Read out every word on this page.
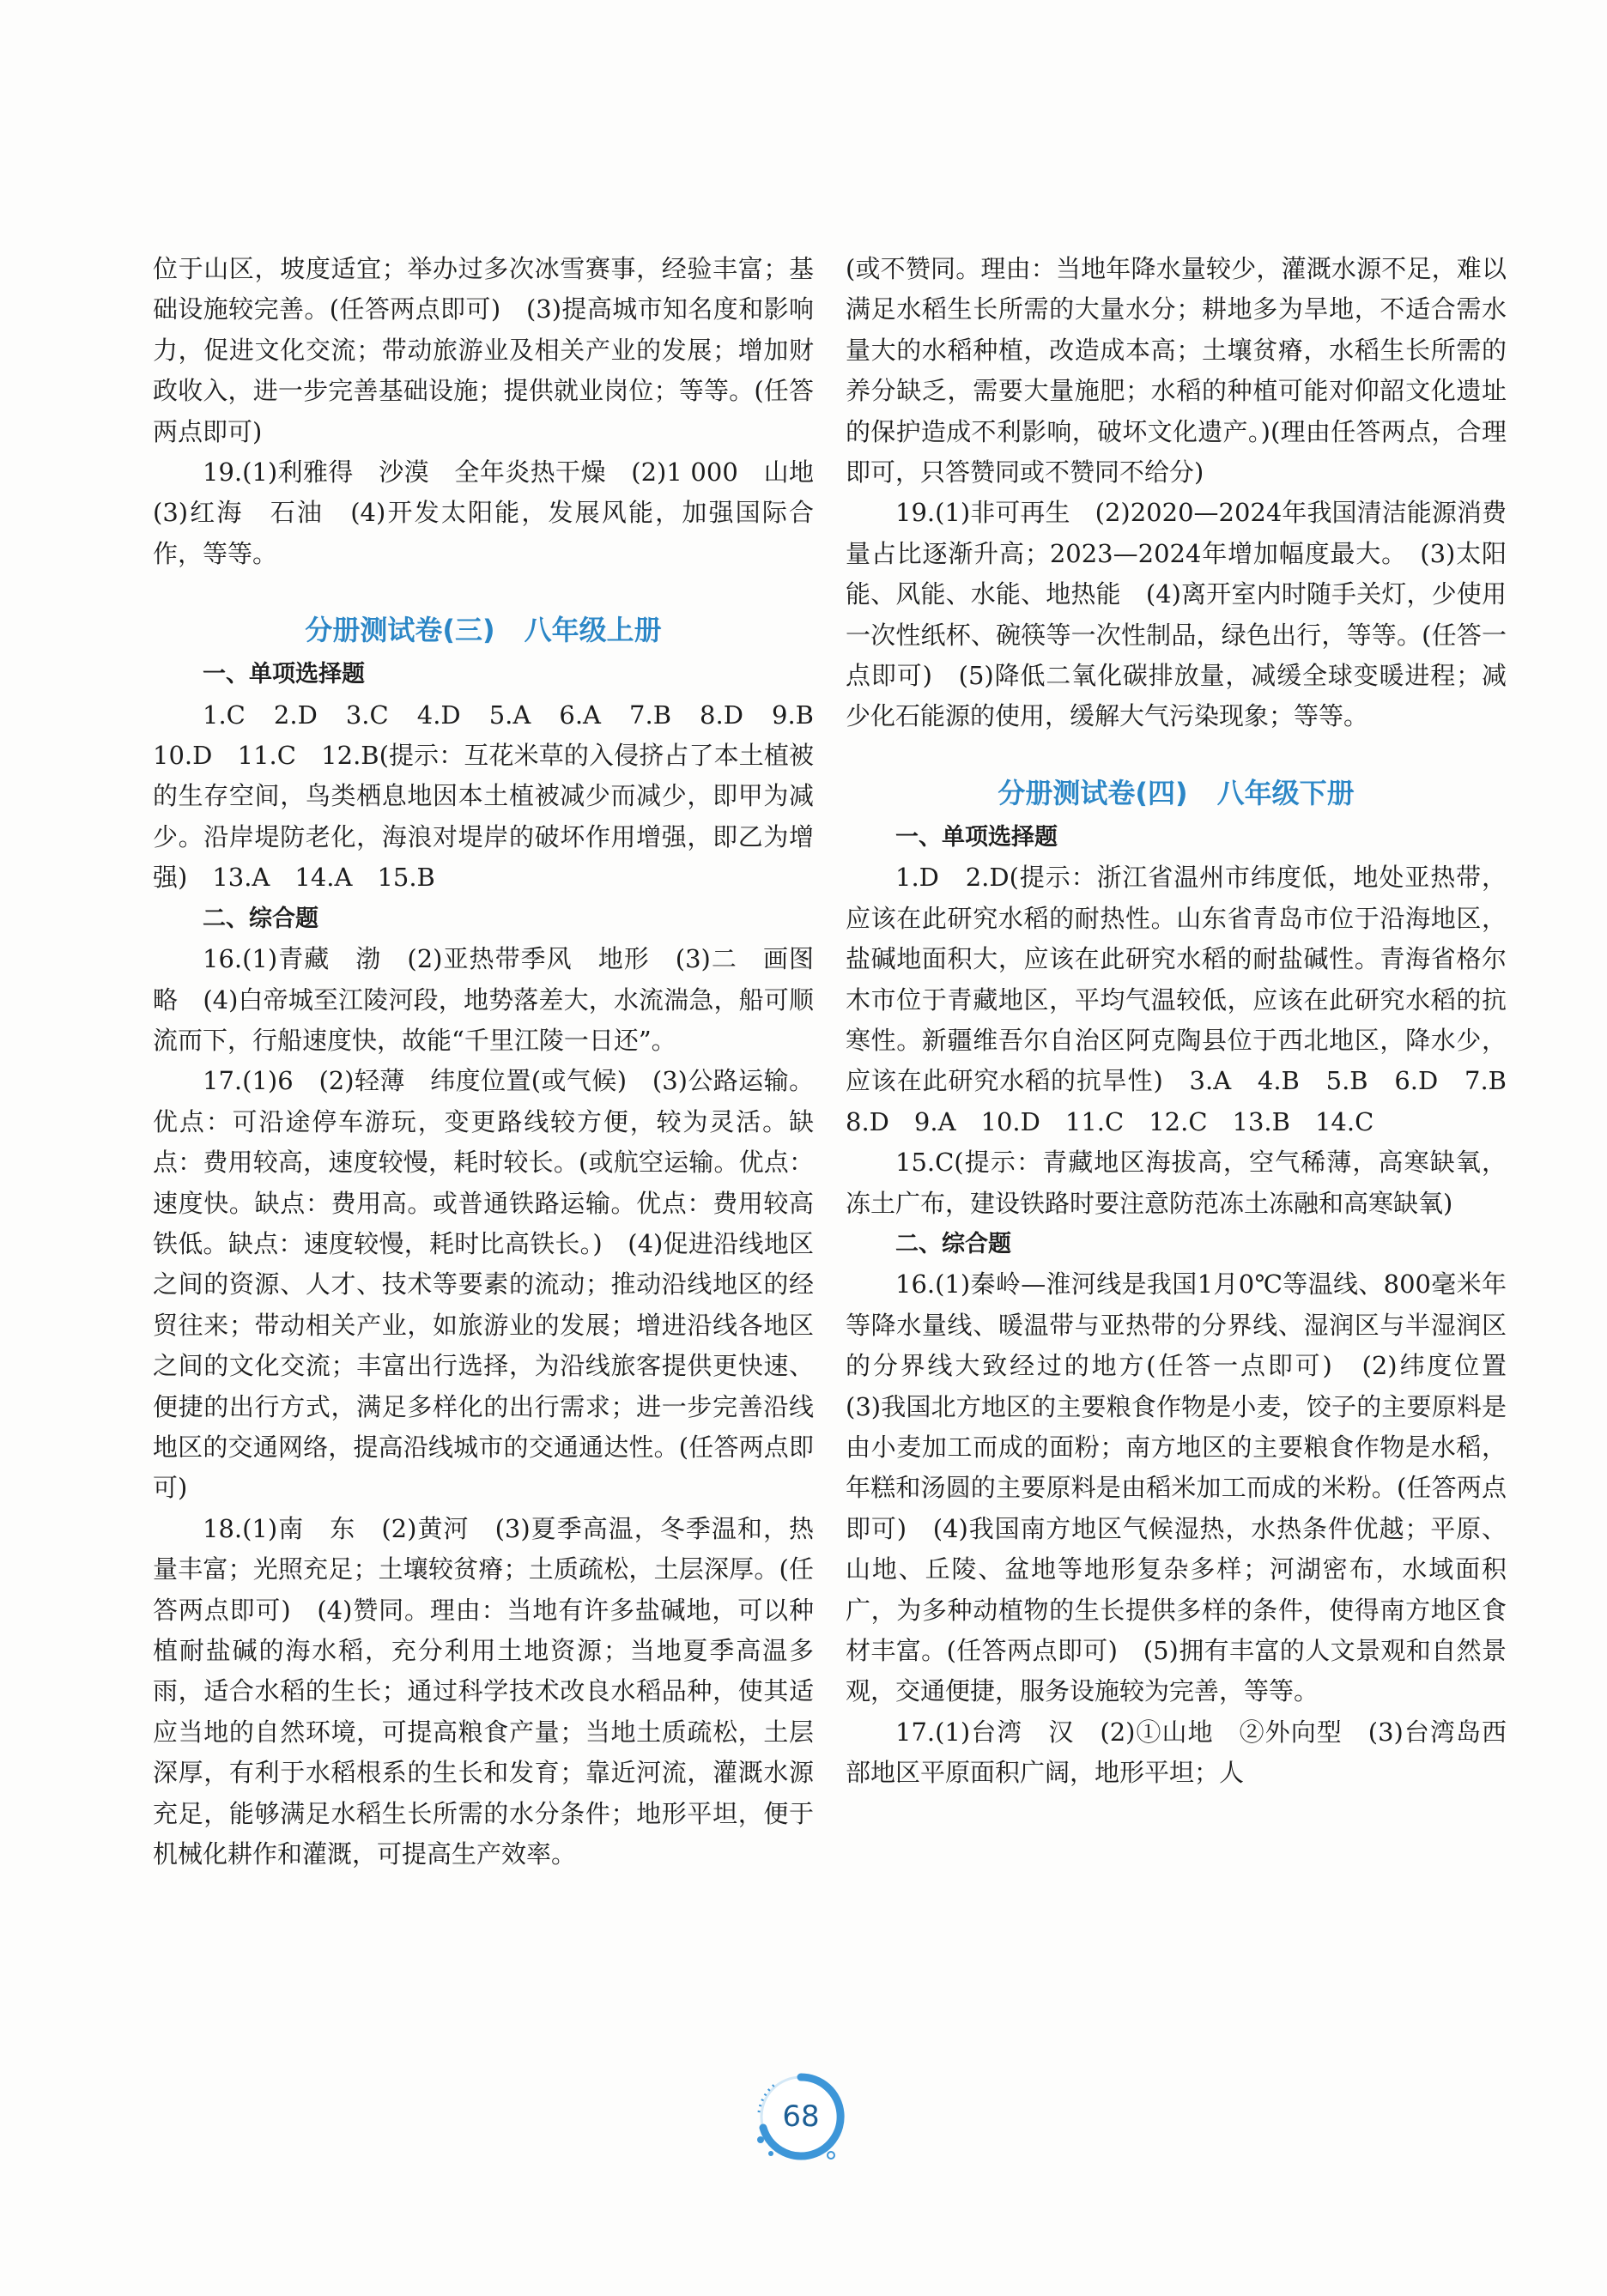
位于山区，坡度适宜；举办过多次冰雪赛事，经验丰富；基础设施较完善。(任答两点即可)　(3)提高城市知名度和影响力，促进文化交流；带动旅游业及相关产业的发展；增加财政收入，进一步完善基础设施；提供就业岗位；等等。(任答两点即可)

19.(1)利雅得　沙漠　全年炎热干燥　(2)1 000　山地　(3)红海　石油　(4)开发太阳能，发展风能，加强国际合作，等等。

分册测试卷(三) 八年级上册

一、单项选择题

1.C　2.D　3.C　4.D　5.A　6.A　7.B　8.D　9.B　10.D　11.C　12.B(提示：互花米草的入侵挤占了本土植被的生存空间，鸟类栖息地因本土植被减少而减少，即甲为减少。沿岸堤防老化，海浪对堤岸的破坏作用增强，即乙为增强)　13.A　14.A　15.B

二、综合题

16.(1)青藏　渤　(2)亚热带季风　地形　(3)二　画图略　(4)白帝城至江陵河段，地势落差大，水流湍急，船可顺流而下，行船速度快，故能“千里江陵一日还”。

17.(1)6　(2)轻薄　纬度位置(或气候)　(3)公路运输。优点：可沿途停车游玩，变更路线较方便，较为灵活。缺点：费用较高，速度较慢，耗时较长。(或航空运输。优点：速度快。缺点：费用高。或普通铁路运输。优点：费用较高铁低。缺点：速度较慢，耗时比高铁长。)　(4)促进沿线地区之间的资源、人才、技术等要素的流动；推动沿线地区的经贸往来；带动相关产业，如旅游业的发展；增进沿线各地区之间的文化交流；丰富出行选择，为沿线旅客提供更快速、便捷的出行方式，满足多样化的出行需求；进一步完善沿线地区的交通网络，提高沿线城市的交通通达性。(任答两点即可)

18.(1)南　东　(2)黄河　(3)夏季高温，冬季温和，热量丰富；光照充足；土壤较贫瘠；土质疏松，土层深厚。(任答两点即可)　(4)赞同。理由：当地有许多盐碱地，可以种植耐盐碱的海水稻，充分利用土地资源；当地夏季高温多雨，适合水稻的生长；通过科学技术改良水稻品种，使其适应当地的自然环境，可提高粮食产量；当地土质疏松，土层深厚，有利于水稻根系的生长和发育；靠近河流，灌溉水源充足，能够满足水稻生长所需的水分条件；地形平坦，便于机械化耕作和灌溉，可提高生产效率。

(或不赞同。理由：当地年降水量较少，灌溉水源不足，难以满足水稻生长所需的大量水分；耕地多为旱地，不适合需水量大的水稻种植，改造成本高；土壤贫瘠，水稻生长所需的养分缺乏，需要大量施肥；水稻的种植可能对仰韶文化遗址的保护造成不利影响，破坏文化遗产。)(理由任答两点，合理即可，只答赞同或不赞同不给分)

19.(1)非可再生　(2)2020—2024年我国清洁能源消费量占比逐渐升高；2023—2024年增加幅度最大。　(3)太阳能、风能、水能、地热能　(4)离开室内时随手关灯，少使用一次性纸杯、碗筷等一次性制品，绿色出行，等等。(任答一点即可)　(5)降低二氧化碳排放量，减缓全球变暖进程；减少化石能源的使用，缓解大气污染现象；等等。

分册测试卷(四) 八年级下册

一、单项选择题

1.D　2.D(提示：浙江省温州市纬度低，地处亚热带，应该在此研究水稻的耐热性。山东省青岛市位于沿海地区，盐碱地面积大，应该在此研究水稻的耐盐碱性。青海省格尔木市位于青藏地区，平均气温较低，应该在此研究水稻的抗寒性。新疆维吾尔自治区阿克陶县位于西北地区，降水少，应该在此研究水稻的抗旱性)　3.A　4.B　5.B　6.D　7.B　8.D　9.A　10.D　11.C　12.C　13.B　14.C

15.C(提示：青藏地区海拔高，空气稀薄，高寒缺氧，冻土广布，建设铁路时要注意防范冻土冻融和高寒缺氧)

二、综合题

16.(1)秦岭—淮河线是我国1月0℃等温线、800毫米年等降水量线、暖温带与亚热带的分界线、湿润区与半湿润区的分界线大致经过的地方(任答一点即可)　(2)纬度位置　(3)我国北方地区的主要粮食作物是小麦，饺子的主要原料是由小麦加工而成的面粉；南方地区的主要粮食作物是水稻，年糕和汤圆的主要原料是由稻米加工而成的米粉。(任答两点即可)　(4)我国南方地区气候湿热，水热条件优越；平原、山地、丘陵、盆地等地形复杂多样；河湖密布，水域面积广，为多种动植物的生长提供多样的条件，使得南方地区食材丰富。(任答两点即可)　(5)拥有丰富的人文景观和自然景观，交通便捷，服务设施较为完善，等等。

17.(1)台湾　汉　(2)①山地　②外向型　(3)台湾岛西部地区平原面积广阔，地形平坦；人

68
